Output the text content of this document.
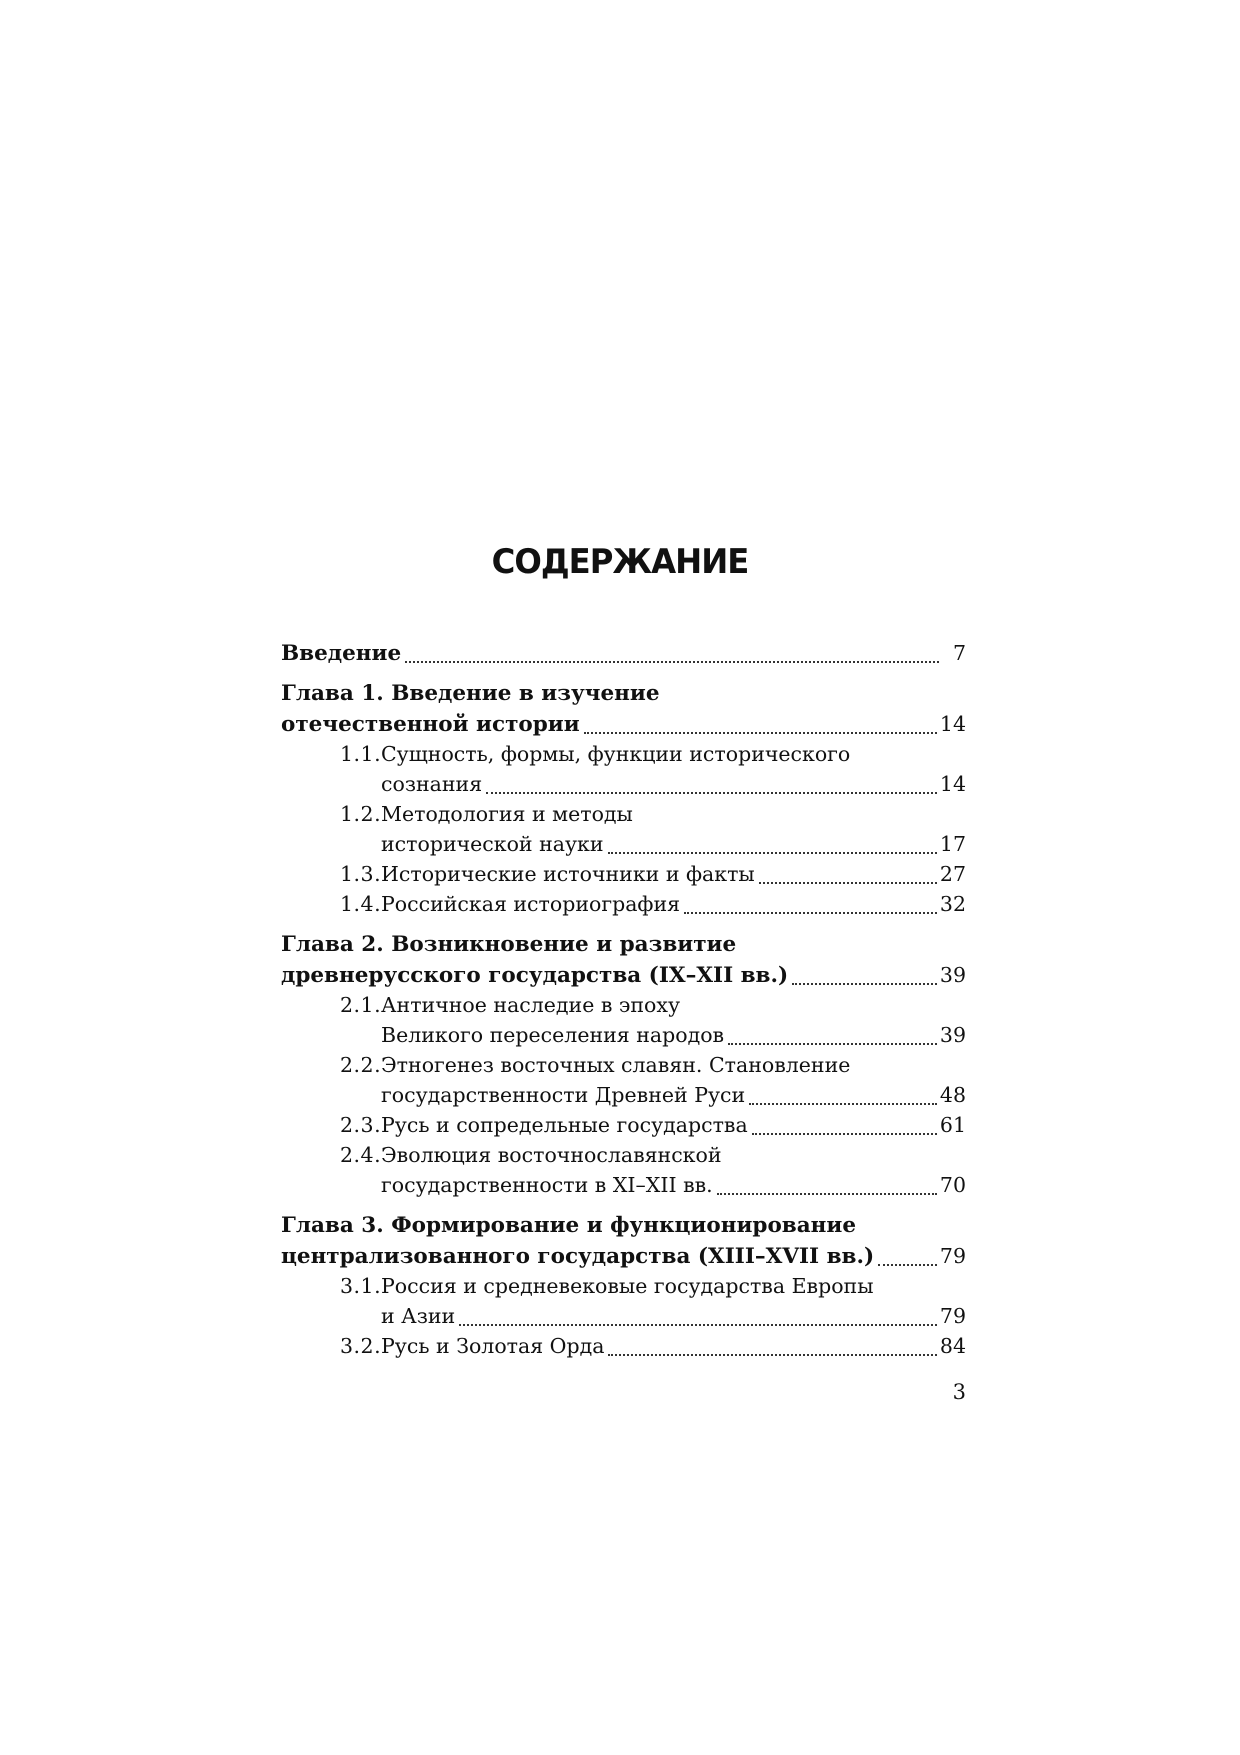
СОДЕРЖАНИЕ
Введение	7
Глава 1. Введение в изучение
отечественной истории	14
1.1. Сущность, формы, функции исторического
сознания	14
1.2. Методология и методы
исторической науки	17
1.3. Исторические источники и факты	27
1.4. Российская историография	32
Глава 2. Возникновение и развитие
древнерусского государства (IX–XII вв.)	39
2.1. Античное наследие в эпоху
Великого переселения народов	39
2.2. Этногенез восточных славян. Становление
государственности Древней Руси	48
2.3. Русь и сопредельные государства	61
2.4. Эволюция восточнославянской
государственности в XI–XII вв.	70
Глава 3. Формирование и функционирование
централизованного государства (XIII–XVII вв.)	79
3.1. Россия и средневековые государства Европы
и Азии	79
3.2. Русь и Золотая Орда	84
3
